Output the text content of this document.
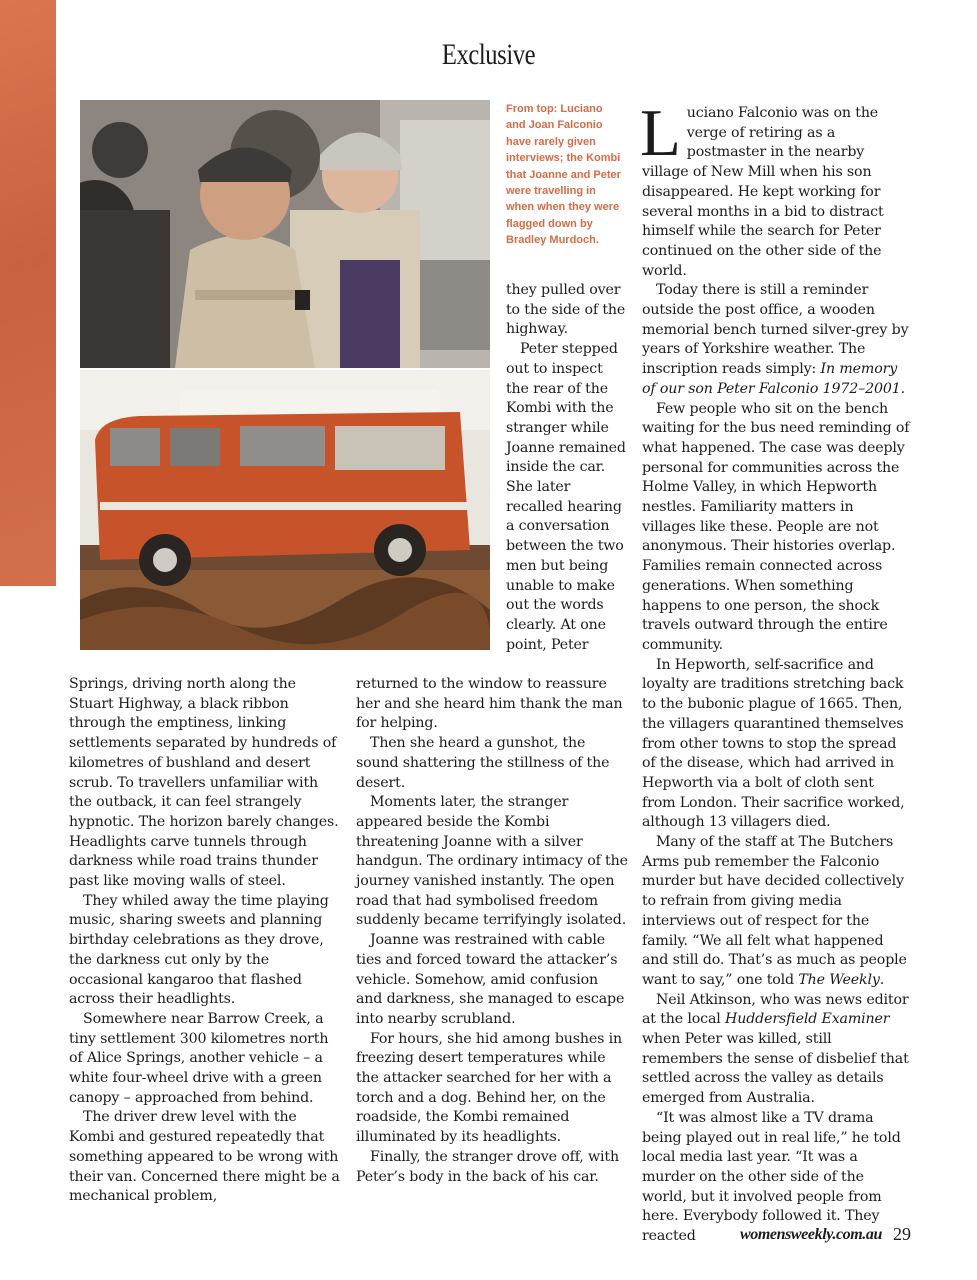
Exclusive
From top: Luciano and Joan Falconio have rarely given interviews; the Kombi that Joanne and Peter were travelling in when when they were flagged down by Bradley Murdoch.

they pulled over to the side of the highway.

Peter stepped out to inspect the rear of the Kombi with the stranger while Joanne remained inside the car. She later recalled hearing a conversation between the two men but being unable to make out the words clearly. At one point, Peter

Springs, driving north along the Stuart Highway, a black ribbon through the emptiness, linking settlements separated by hundreds of kilometres of bushland and desert scrub. To travellers unfamiliar with the outback, it can feel strangely hypnotic. The horizon barely changes. Headlights carve tunnels through darkness while road trains thunder past like moving walls of steel.

They whiled away the time playing music, sharing sweets and planning birthday celebrations as they drove, the darkness cut only by the occasional kangaroo that flashed across their headlights.

Somewhere near Barrow Creek, a tiny settlement 300 kilometres north of Alice Springs, another vehicle – a white four-wheel drive with a green canopy – approached from behind.

The driver drew level with the Kombi and gestured repeatedly that something appeared to be wrong with their van. Concerned there might be a mechanical problem,

returned to the window to reassure her and she heard him thank the man for helping.

Then she heard a gunshot, the sound shattering the stillness of the desert.

Moments later, the stranger appeared beside the Kombi threatening Joanne with a silver handgun. The ordinary intimacy of the journey vanished instantly. The open road that had symbolised freedom suddenly became terrifyingly isolated.

Joanne was restrained with cable ties and forced toward the attacker’s vehicle. Somehow, amid confusion and darkness, she managed to escape into nearby scrubland.

For hours, she hid among bushes in freezing desert temperatures while the attacker searched for her with a torch and a dog. Behind her, on the roadside, the Kombi remained illuminated by its headlights.

Finally, the stranger drove off, with Peter’s body in the back of his car.

Luciano Falconio was on the verge of retiring as a postmaster in the nearby village of New Mill when his son disappeared. He kept working for several months in a bid to distract himself while the search for Peter continued on the other side of the world.

Today there is still a reminder outside the post office, a wooden memorial bench turned silver-grey by years of Yorkshire weather. The inscription reads simply: In memory of our son Peter Falconio 1972–2001.

Few people who sit on the bench waiting for the bus need reminding of what happened. The case was deeply personal for communities across the Holme Valley, in which Hepworth nestles. Familiarity matters in villages like these. People are not anonymous. Their histories overlap. Families remain connected across generations. When something happens to one person, the shock travels outward through the entire community.

In Hepworth, self-sacrifice and loyalty are traditions stretching back to the bubonic plague of 1665. Then, the villagers quarantined themselves from other towns to stop the spread of the disease, which had arrived in Hepworth via a bolt of cloth sent from London. Their sacrifice worked, although 13 villagers died.

Many of the staff at The Butchers Arms pub remember the Falconio murder but have decided collectively to refrain from giving media interviews out of respect for the family. “We all felt what happened and still do. That’s as much as people want to say,” one told The Weekly.

Neil Atkinson, who was news editor at the local Huddersfield Examiner when Peter was killed, still remembers the sense of disbelief that settled across the valley as details emerged from Australia.

“It was almost like a TV drama being played out in real life,” he told local media last year. “It was a murder on the other side of the world, but it involved people from here. Everybody followed it. They reacted	womensweekly.com.au 29
